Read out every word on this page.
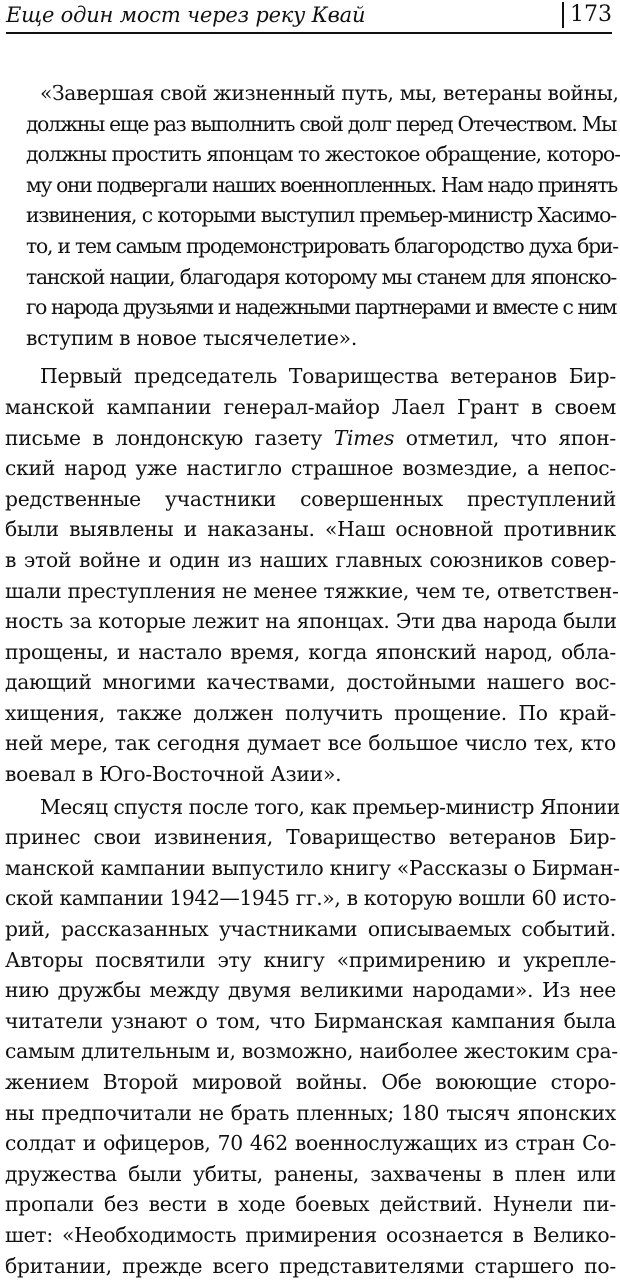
Еще один мост через реку Квай	173
«Завершая свой жизненный путь, мы, ветераны войны,
должны еще раз выполнить свой долг перед Отечеством. Мы
должны простить японцам то жестокое обращение, которо-
му они подвергали наших военнопленных. Нам надо принять
извинения, с которыми выступил премьер-министр Хасимо-
то, и тем самым продемонстрировать благородство духа бри-
танской нации, благодаря которому мы станем для японско-
го народа друзьями и надежными партнерами и вместе с ним
вступим в новое тысячелетие».
Первый председатель Товарищества ветеранов Бир-
манской кампании генерал-майор Лаел Грант в своем
письме в лондонскую газету Times отметил, что япон-
ский народ уже настигло страшное возмездие, а непос-
редственные участники совершенных преступлений
были выявлены и наказаны. «Наш основной противник
в этой войне и один из наших главных союзников совер-
шали преступления не менее тяжкие, чем те, ответствен-
ность за которые лежит на японцах. Эти два народа были
прощены, и настало время, когда японский народ, обла-
дающий многими качествами, достойными нашего вос-
хищения, также должен получить прощение. По край-
ней мере, так сегодня думает все большое число тех, кто
воевал в Юго-Восточной Азии».
Месяц спустя после того, как премьер-министр Японии
принес свои извинения, Товарищество ветеранов Бир-
манской кампании выпустило книгу «Рассказы о Бирман-
ской кампании 1942—1945 гг.», в которую вошли 60 исто-
рий, рассказанных участниками описываемых событий.
Авторы посвятили эту книгу «примирению и укрепле-
нию дружбы между двумя великими народами». Из нее
читатели узнают о том, что Бирманская кампания была
самым длительным и, возможно, наиболее жестоким сра-
жением Второй мировой войны. Обе воюющие сторо-
ны предпочитали не брать пленных; 180 тысяч японских
солдат и офицеров, 70 462 военнослужащих из стран Со-
дружества были убиты, ранены, захвачены в плен или
пропали без вести в ходе боевых действий. Нунели пи-
шет: «Необходимость примирения осознается в Велико-
британии, прежде всего представителями старшего по-
